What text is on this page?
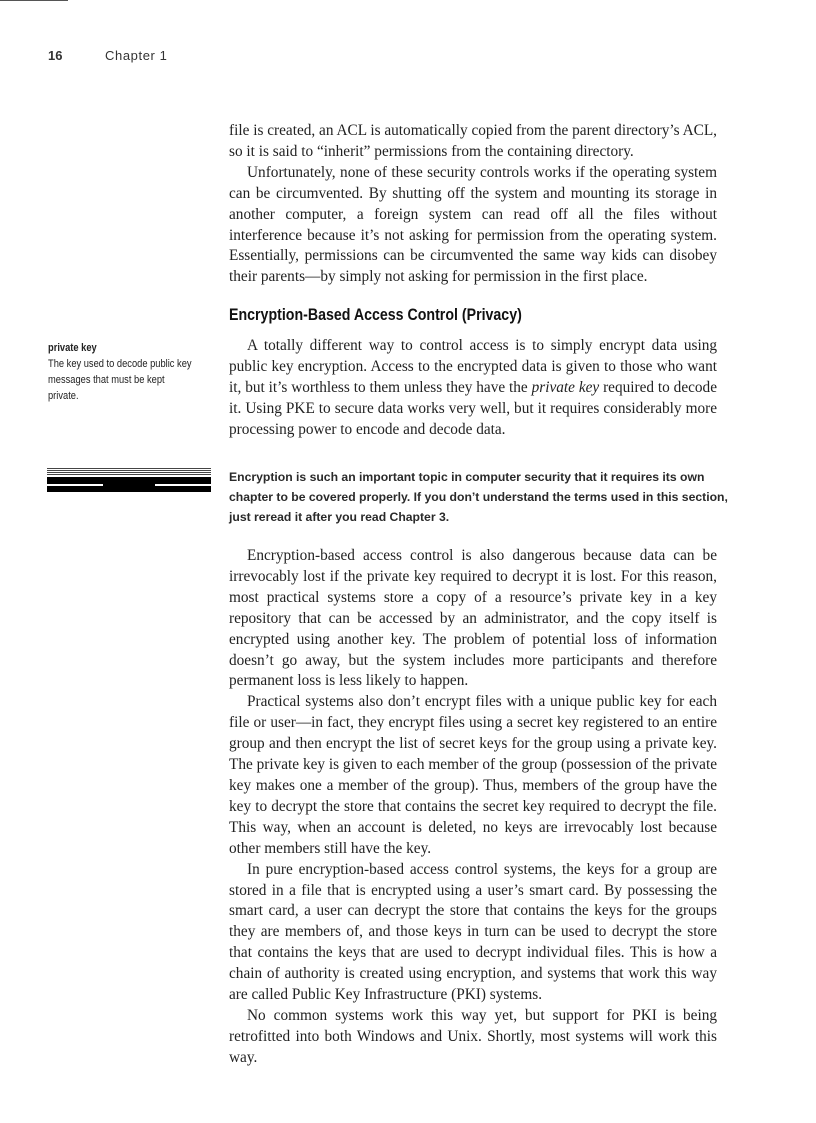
16	Chapter 1

file is created, an ACL is automatically copied from the parent directory’s ACL, so it is said to “inherit” permissions from the containing directory.

Unfortunately, none of these security controls works if the operating system can be circumvented. By shutting off the system and mounting its storage in another computer, a foreign system can read off all the files without interference because it’s not asking for permission from the operating system. Essentially, permissions can be circumvented the same way kids can disobey their parents—by simply not asking for permission in the first place.

Encryption-Based Access Control (Privacy)
private key
The key used to decode public key messages that must be kept private.

A totally different way to control access is to simply encrypt data using public key encryption. Access to the encrypted data is given to those who want it, but it’s worthless to them unless they have the private key required to decode it. Using PKE to secure data works very well, but it requires considerably more processing power to encode and decode data.

Encryption is such an important topic in computer security that it requires its own chapter to be covered properly. If you don’t understand the terms used in this section, just reread it after you read Chapter 3.

Encryption-based access control is also dangerous because data can be irrevocably lost if the private key required to decrypt it is lost. For this reason, most practical systems store a copy of a resource’s private key in a key repository that can be accessed by an administrator, and the copy itself is encrypted using another key. The problem of potential loss of information doesn’t go away, but the system includes more participants and therefore permanent loss is less likely to happen.

Practical systems also don’t encrypt files with a unique public key for each file or user—in fact, they encrypt files using a secret key registered to an entire group and then encrypt the list of secret keys for the group using a private key. The private key is given to each member of the group (possession of the private key makes one a member of the group). Thus, members of the group have the key to decrypt the store that contains the secret key required to decrypt the file. This way, when an account is deleted, no keys are irrevocably lost because other members still have the key.

In pure encryption-based access control systems, the keys for a group are stored in a file that is encrypted using a user’s smart card. By possessing the smart card, a user can decrypt the store that contains the keys for the groups they are members of, and those keys in turn can be used to decrypt the store that contains the keys that are used to decrypt individual files. This is how a chain of authority is created using encryption, and systems that work this way are called Public Key Infrastructure (PKI) systems.

No common systems work this way yet, but support for PKI is being retrofitted into both Windows and Unix. Shortly, most systems will work this way.
